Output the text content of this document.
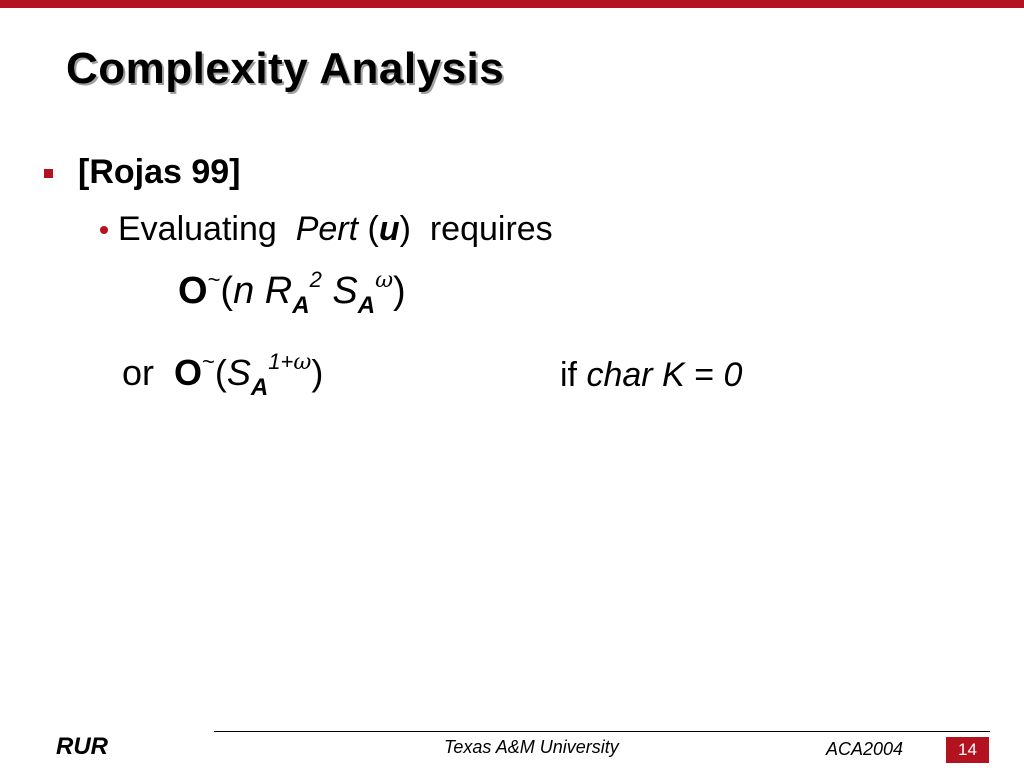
Complexity Analysis
[Rojas 99]
Evaluating Pert (u) requires
O~(n $R_A^2$ $S_A^\omega$)
or $O^\sim(S_A^{1+\omega})$	if char K = 0
RUR	Texas A&M University	ACA2004	14
